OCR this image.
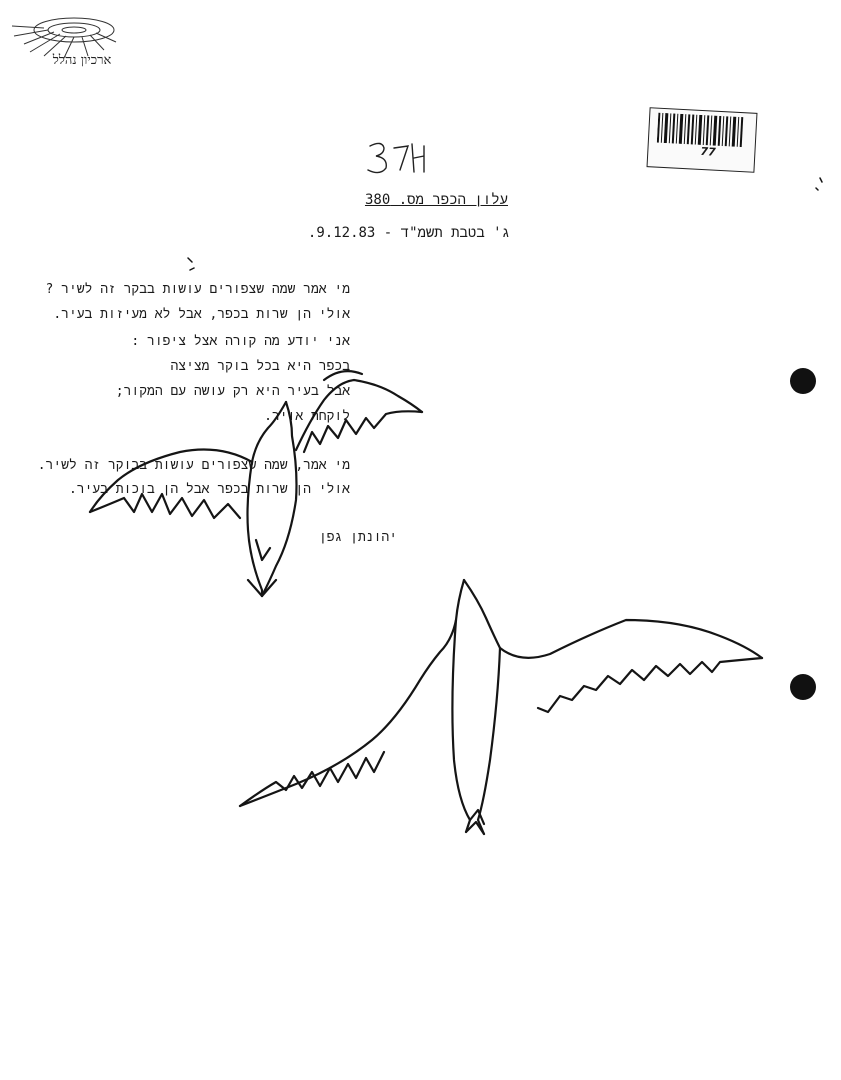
ארכיון נהלל
77
עלון הכפר מס. 380
ג' בטבת תשמ"ד - 9.12.83.
מי אמר שמה שצפורים עושות בבקר זה לשיר ?
אולי הן שרות בכפר, אבל לא מעיזות בעיר.
אני יודע מה קורה אצל ציפור :
בכפר היא בכל בוקר מציצה
אבל בעיר היא רק עושה עם המקור;
לוקחת אויר.
מי אמר, שמה שצפורים עושות בבוקר זה לשיר.
אולי הן שרות בכפר אבל הן בוכות בעיר.
יהונתן גפן
